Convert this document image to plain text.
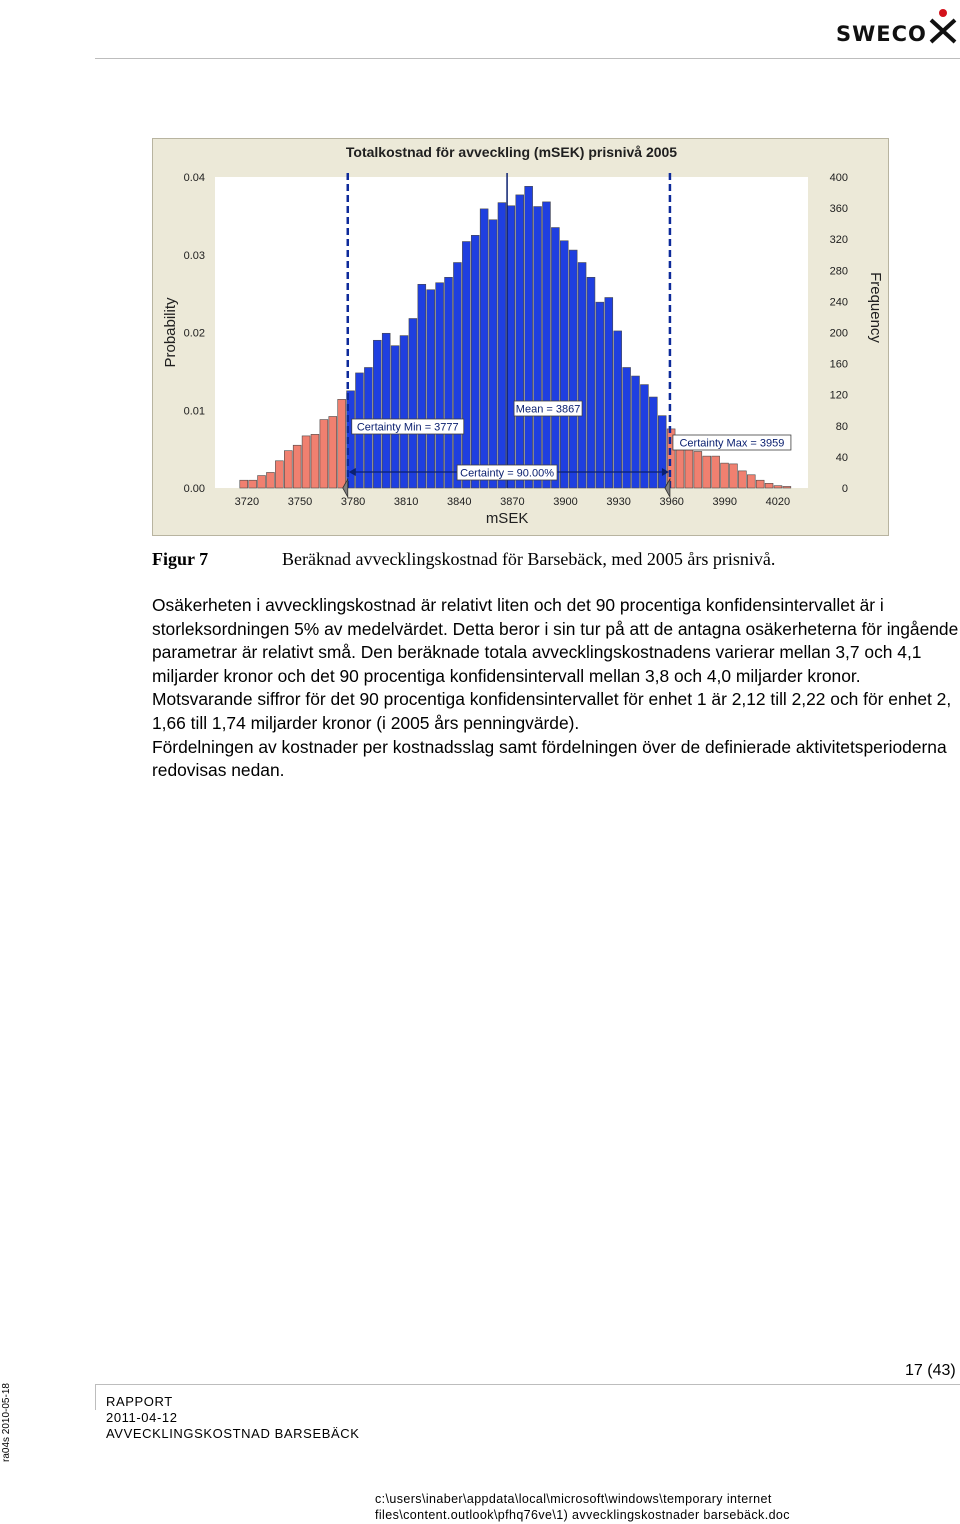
SWECO
Totalkostnad för avveckling (mSEK) prisnivå 2005
0.00
0.01
0.02
0.03
0.04
0
40
80
120
160
200
240
280
320
360
400
3720	3750	3780	3810	3840	3870	3900	3930	3960	3990	4020
Probability	Frequency
mSEK
Certainty Min = 3777
Mean = 3867
Certainty Max = 3959
Certainty = 90.00%
Figur 7	Beräknad avvecklingskostnad för Barsebäck, med 2005 års prisnivå.

Osäkerheten i avvecklingskostnad är relativt liten och det 90 procentiga konfidensintervallet är i storleksordningen 5% av medelvärdet. Detta beror i sin tur på att de antagna osäkerheterna för ingående parametrar är relativt små. Den beräknade totala avvecklingskostnadens varierar mellan 3,7 och 4,1 miljarder kronor och det 90 procentiga konfidensintervall mellan 3,8 och 4,0 miljarder kronor. Motsvarande siffror för det 90 procentiga konfidensintervallet för enhet 1 är 2,12 till 2,22 och för enhet 2, 1,66 till 1,74 miljarder kronor (i 2005 års penningvärde).

Fördelningen av kostnader per kostnadsslag samt fördelningen över de definierade aktivitetsperioderna redovisas nedan.

17 (43)
RAPPORT
2011-04-12
AVVECKLINGSKOSTNAD BARSEBÄCK
ra04s 2010-05-18
c:\users\inaber\appdata\local\microsoft\windows\temporary internet
files\content.outlook\pfhq76ve\1) avvecklingskostnader barsebäck.doc
